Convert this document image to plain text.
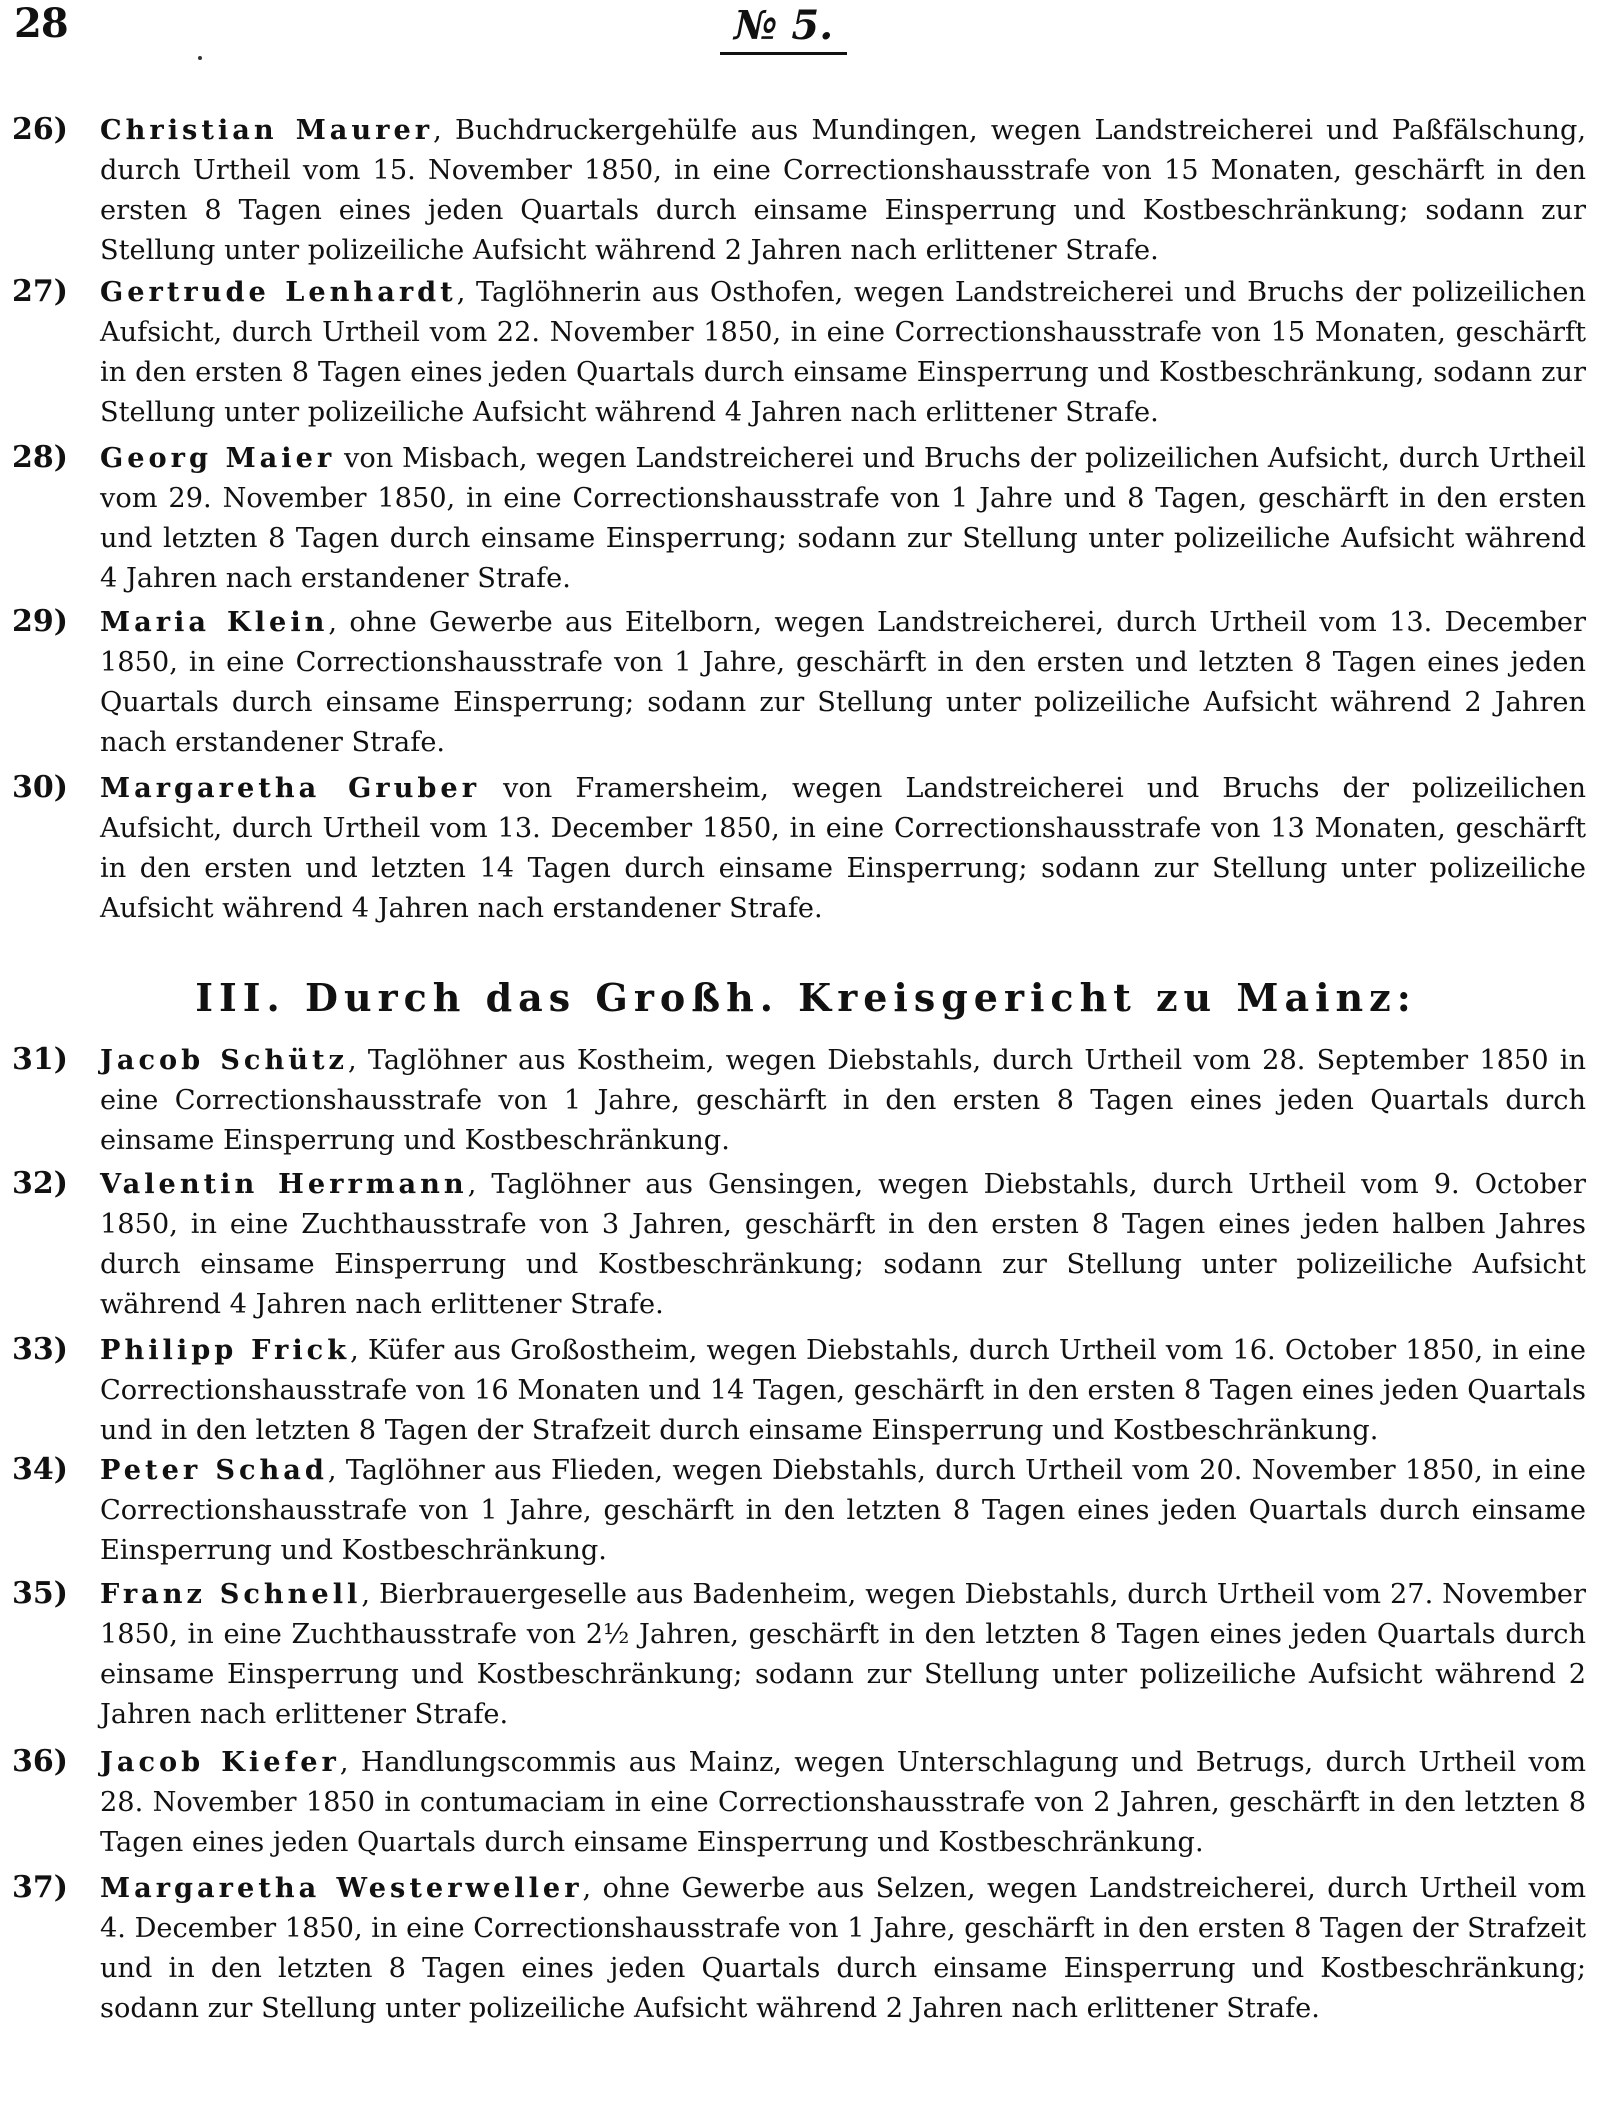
28	№ 5.
26)	Christian Maurer, Buchdruckergehülfe aus Mundingen, wegen Landstreicherei und Paßfälschung, durch Urtheil vom 15. November 1850, in eine Correctionshausstrafe von 15 Monaten, geschärft in den ersten 8 Tagen eines jeden Quartals durch einsame Einsperrung und Kostbeschränkung; sodann zur Stellung unter polizeiliche Aufsicht während 2 Jahren nach erlittener Strafe.
27)	Gertrude Lenhardt, Taglöhnerin aus Osthofen, wegen Landstreicherei und Bruchs der polizeilichen Aufsicht, durch Urtheil vom 22. November 1850, in eine Correctionshausstrafe von 15 Monaten, geschärft in den ersten 8 Tagen eines jeden Quartals durch einsame Einsperrung und Kostbeschränkung, sodann zur Stellung unter polizeiliche Aufsicht während 4 Jahren nach erlittener Strafe.
28)	Georg Maier von Misbach, wegen Landstreicherei und Bruchs der polizeilichen Aufsicht, durch Urtheil vom 29. November 1850, in eine Correctionshausstrafe von 1 Jahre und 8 Tagen, geschärft in den ersten und letzten 8 Tagen durch einsame Einsperrung; sodann zur Stellung unter polizeiliche Aufsicht während 4 Jahren nach erstandener Strafe.
29)	Maria Klein, ohne Gewerbe aus Eitelborn, wegen Landstreicherei, durch Urtheil vom 13. December 1850, in eine Correctionshausstrafe von 1 Jahre, geschärft in den ersten und letzten 8 Tagen eines jeden Quartals durch einsame Einsperrung; sodann zur Stellung unter polizeiliche Aufsicht während 2 Jahren nach erstandener Strafe.
30)	Margaretha Gruber von Framersheim, wegen Landstreicherei und Bruchs der polizeilichen Aufsicht, durch Urtheil vom 13. December 1850, in eine Correctionshausstrafe von 13 Monaten, geschärft in den ersten und letzten 14 Tagen durch einsame Einsperrung; sodann zur Stellung unter polizeiliche Aufsicht während 4 Jahren nach erstandener Strafe.
III. Durch das Großh. Kreisgericht zu Mainz:
31)	Jacob Schütz, Taglöhner aus Kostheim, wegen Diebstahls, durch Urtheil vom 28. September 1850 in eine Correctionshausstrafe von 1 Jahre, geschärft in den ersten 8 Tagen eines jeden Quartals durch einsame Einsperrung und Kostbeschränkung.
32)	Valentin Herrmann, Taglöhner aus Gensingen, wegen Diebstahls, durch Urtheil vom 9. October 1850, in eine Zuchthausstrafe von 3 Jahren, geschärft in den ersten 8 Tagen eines jeden halben Jahres durch einsame Einsperrung und Kostbeschränkung; sodann zur Stellung unter polizeiliche Aufsicht während 4 Jahren nach erlittener Strafe.
33)	Philipp Frick, Küfer aus Großostheim, wegen Diebstahls, durch Urtheil vom 16. October 1850, in eine Correctionshausstrafe von 16 Monaten und 14 Tagen, geschärft in den ersten 8 Tagen eines jeden Quartals und in den letzten 8 Tagen der Strafzeit durch einsame Einsperrung und Kostbeschränkung.
34)	Peter Schad, Taglöhner aus Flieden, wegen Diebstahls, durch Urtheil vom 20. November 1850, in eine Correctionshausstrafe von 1 Jahre, geschärft in den letzten 8 Tagen eines jeden Quartals durch einsame Einsperrung und Kostbeschränkung.
35)	Franz Schnell, Bierbrauergeselle aus Badenheim, wegen Diebstahls, durch Urtheil vom 27. November 1850, in eine Zuchthausstrafe von 2½ Jahren, geschärft in den letzten 8 Tagen eines jeden Quartals durch einsame Einsperrung und Kostbeschränkung; sodann zur Stellung unter polizeiliche Aufsicht während 2 Jahren nach erlittener Strafe.
36)	Jacob Kiefer, Handlungscommis aus Mainz, wegen Unterschlagung und Betrugs, durch Urtheil vom 28. November 1850 in contumaciam in eine Correctionshausstrafe von 2 Jahren, geschärft in den letzten 8 Tagen eines jeden Quartals durch einsame Einsperrung und Kostbeschränkung.
37)	Margaretha Westerweller, ohne Gewerbe aus Selzen, wegen Landstreicherei, durch Urtheil vom 4. December 1850, in eine Correctionshausstrafe von 1 Jahre, geschärft in den ersten 8 Tagen der Strafzeit und in den letzten 8 Tagen eines jeden Quartals durch einsame Einsperrung und Kostbeschränkung; sodann zur Stellung unter polizeiliche Aufsicht während 2 Jahren nach erlittener Strafe.
